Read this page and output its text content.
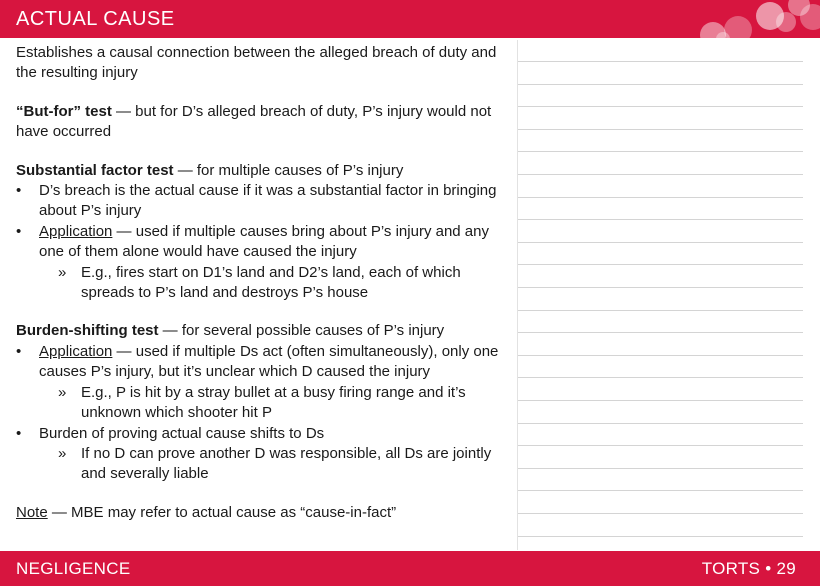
ACTUAL CAUSE

Establishes a causal connection between the alleged breach of duty and the resulting injury

“But-for” test — but for D’s alleged breach of duty, P’s injury would not have occurred

Substantial factor test — for multiple causes of P’s injury

• D’s breach is the actual cause if it was a substantial factor in bringing about P’s injury
• Application — used if multiple causes bring about P’s injury and any one of them alone would have caused the injury
» E.g., fires start on D1’s land and D2’s land, each of which spreads to P’s land and destroys P’s house

Burden-shifting test — for several possible causes of P’s injury

• Application — used if multiple Ds act (often simultaneously), only one causes P’s injury, but it’s unclear which D caused the injury
» E.g., P is hit by a stray bullet at a busy firing range and it’s unknown which shooter hit P
• Burden of proving actual cause shifts to Ds
» If no D can prove another D was responsible, all Ds are jointly and severally liable

Note — MBE may refer to actual cause as “cause-in-fact”

NEGLIGENCE	TORTS • 29
